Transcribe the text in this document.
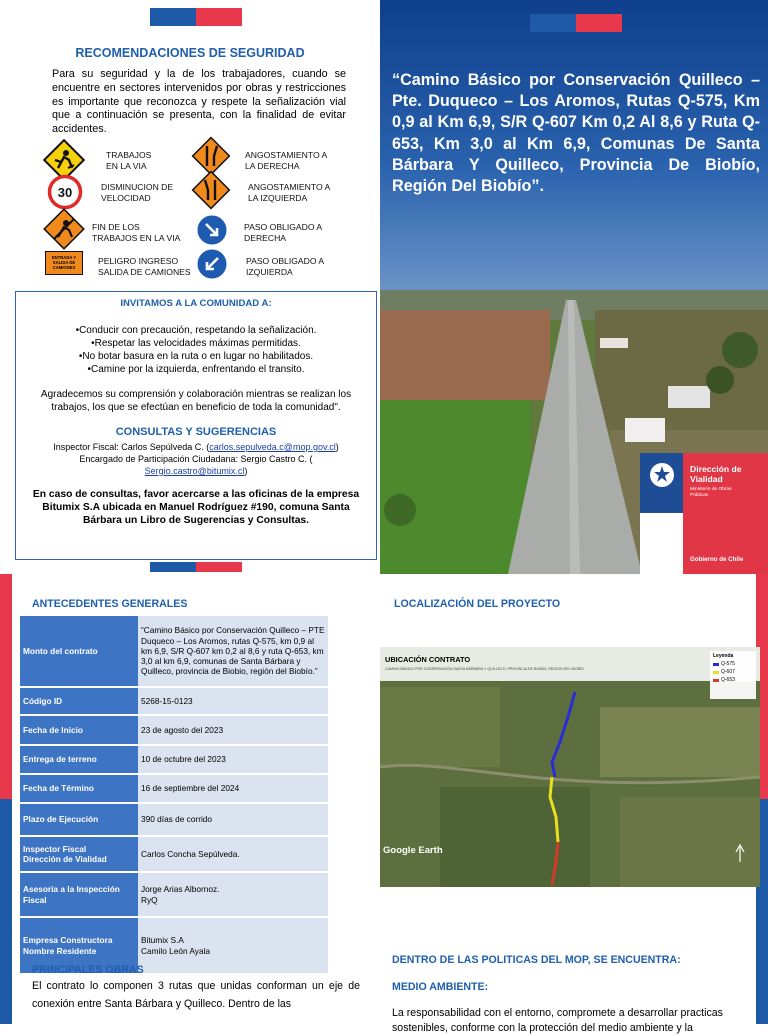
RECOMENDACIONES DE SEGURIDAD
Para su seguridad y la de los trabajadores, cuando se encuentre en sectores intervenidos por obras y restricciones es importante que reconozca y respete la señalización vial que a continuación se presenta, con la finalidad de evitar accidentes.
TRABAJOS
EN LA VIA
ANGOSTAMIENTO A
LA DERECHA
30	DISMINUCION DE
VELOCIDAD
ANGOSTAMIENTO A
LA IZQUIERDA
FIN DE LOS
TRABAJOS EN LA VIA
PASO OBLIGADO A
DERECHA
ENTRADA Y SALIDA DE CAMIONES
PELIGRO INGRESO
SALIDA DE CAMIONES
PASO OBLIGADO A
IZQUIERDA
INVITAMOS A LA COMUNIDAD A:
•Conducir con precaución, respetando la señalización.
•Respetar las velocidades máximas permitidas.
•No botar basura en la ruta o en lugar no habilitados.
•Camine por la izquierda, enfrentando el transito.
Agradecemos su comprensión y colaboración mientras se realizan los trabajos, los que se efectúan en beneficio de toda la comunidad".
CONSULTAS Y SUGERENCIAS
Inspector Fiscal: Carlos Sepúlveda C. (carlos.sepulveda.c@mop.gov.cl)
Encargado de Participación Ciudadana: Sergio Castro C. (
Sergio.castro@bitumix.cl)
En caso de consultas, favor acercarse a las oficinas de la empresa Bitumix S.A ubicada en Manuel Rodríguez #190, comuna Santa Bárbara un Libro de Sugerencias y Consultas.
“Camino Básico por Conservación Quilleco – Pte. Duqueco – Los Aromos, Rutas Q-575, Km 0,9 al Km 6,9, S/R Q-607 Km 0,2 Al 8,6 y Ruta Q-653, Km 3,0 al Km 6,9, Comunas De Santa Bárbara Y Quilleco, Provincia De Biobío, Región Del Biobío”.
Dirección de
Vialidad
Ministerio de Obras
Públicas
Gobierno de Chile
ANTECEDENTES GENERALES
Monto del contrato	“Camino Básico por Conservación Quilleco – PTE Duqueco – Los Aromos, rutas Q-575, km 0,9 al km 6,9, S/R Q-607 km 0,2 al 8,6 y ruta Q-653, km 3,0 al km 6,9, comunas de Santa Bárbara y Quilleco, provincia de Biobio, región del Biobío.”
Código ID	5268-15-0123
Fecha de Inicio	23 de agosto del 2023
Entrega de terreno	10 de octubre del 2023
Fecha de Término	16 de septiembre del 2024
Plazo de Ejecución	390 días de corrido
Inspector Fiscal
Dirección de Vialidad	Carlos Concha Sepúlveda.
Asesoría a la Inspección
Fiscal	Jorge Arias Albornoz.
RyQ
Empresa Constructora
Nombre Residente	Bitumix S.A
Camilo León Ayala
PRINCIPALES OBRAS
El contrato lo componen 3 rutas que unidas conforman un eje de conexión entre Santa Bárbara y Quilleco. Dentro de las
LOCALIZACIÓN DEL PROYECTO
UBICACIÓN CONTRATO
CAMINO BÁSICO POR CONSERVACIÓN SANTA BÁRBARA Y QUILLECO, PROVINCIA DE BIOBÍO, REGIÓN DEL BIOBÍO
Leyenda
Q-575
Q-607
Q-653
Google Earth
DENTRO DE LAS POLITICAS DEL MOP, SE ENCUENTRA:
MEDIO AMBIENTE:
La responsabilidad con el entorno, compromete a desarrollar practicas sostenibles, conforme con la protección del medio ambiente y la
